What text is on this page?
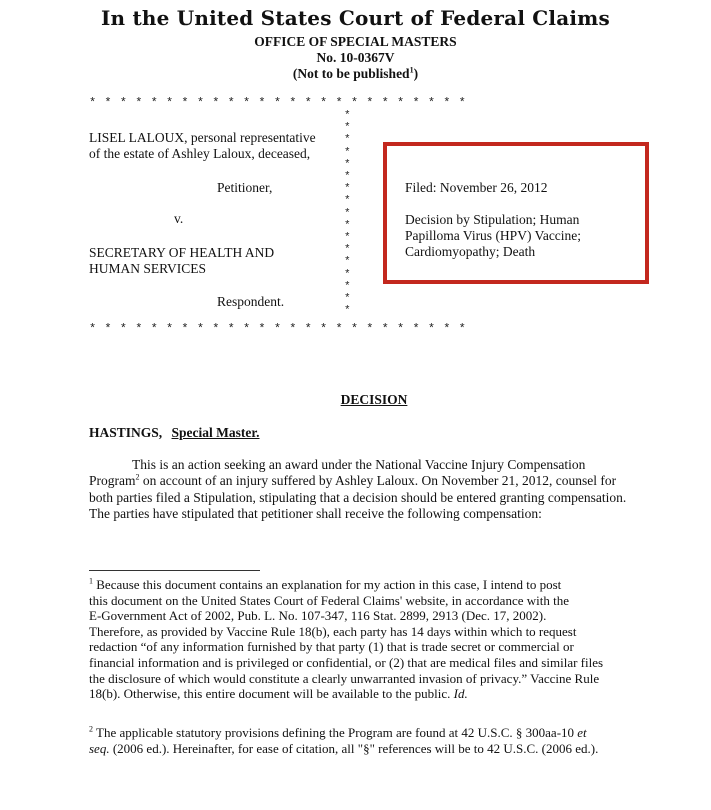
In the United States Court of Federal Claims
OFFICE OF SPECIAL MASTERS
No. 10-0367V
(Not to be published$^1$)
* * * * * * * * * * * * * * * * * * * * * * * * *
*
*
*
*
*
*
*
*
*
*
*
*
*
*
*
*
*
* * * * * * * * * * * * * * * * * * * * * * * * *
LISEL LALOUX, personal representative
of the estate of Ashley Laloux, deceased,
Petitioner,
v.
SECRETARY OF HEALTH AND
HUMAN SERVICES
Respondent.
Filed: November 26, 2012
Decision by Stipulation; Human
Papilloma Virus (HPV) Vaccine;
Cardiomyopathy; Death
DECISION
HASTINGS, Special Master.
This is an action seeking an award under the National Vaccine Injury Compensation
Program$^2$ on account of an injury suffered by Ashley Laloux. On November 21, 2012, counsel for
both parties filed a Stipulation, stipulating that a decision should be entered granting compensation.
The parties have stipulated that petitioner shall receive the following compensation:
$^1$ Because this document contains an explanation for my action in this case, I intend to post
this document on the United States Court of Federal Claims' website, in accordance with the
E-Government Act of 2002, Pub. L. No. 107-347, 116 Stat. 2899, 2913 (Dec. 17, 2002).
Therefore, as provided by Vaccine Rule 18(b), each party has 14 days within which to request
redaction “of any information furnished by that party (1) that is trade secret or commercial or
financial information and is privileged or confidential, or (2) that are medical files and similar files
the disclosure of which would constitute a clearly unwarranted invasion of privacy.” Vaccine Rule
18(b). Otherwise, this entire document will be available to the public. Id.
$^2$ The applicable statutory provisions defining the Program are found at 42 U.S.C. § 300aa-10 et
seq. (2006 ed.). Hereinafter, for ease of citation, all "§" references will be to 42 U.S.C. (2006 ed.).
